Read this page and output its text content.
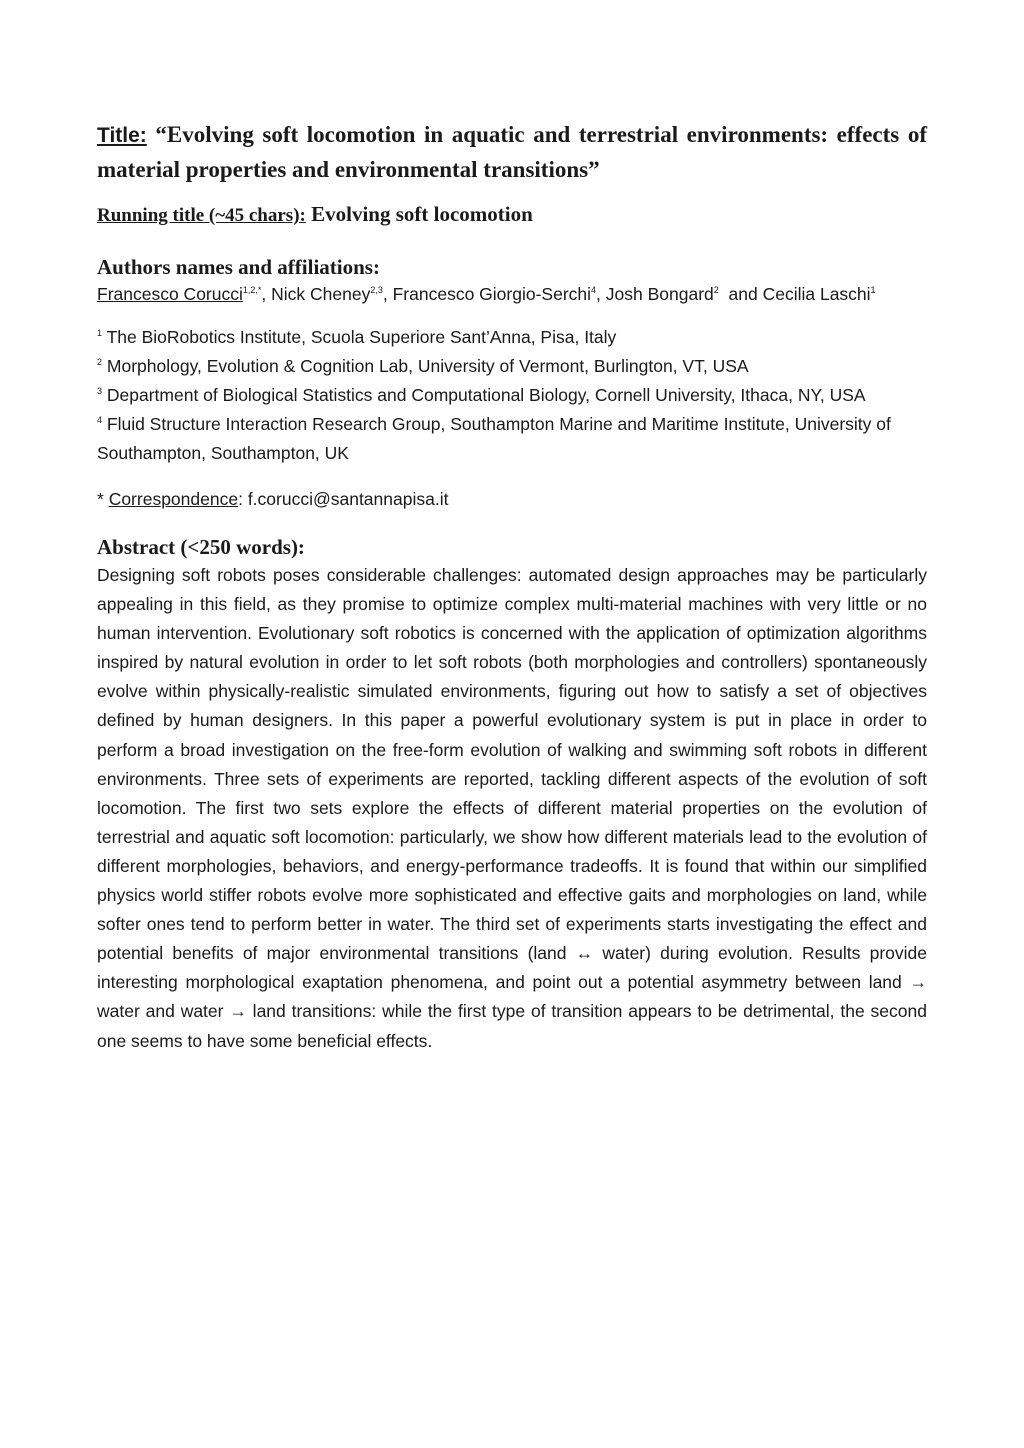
Title: “Evolving soft locomotion in aquatic and terrestrial environments: effects of material properties and environmental transitions”
Running title (~45 chars): Evolving soft locomotion
Authors names and affiliations:
Francesco Corucci$^{1,2,*}$, Nick Cheney$^{2,3}$, Francesco Giorgio-Serchi$^4$, Josh Bongard$^2$  and Cecilia Laschi$^1$
$^1$ The BioRobotics Institute, Scuola Superiore Sant’Anna, Pisa, Italy
$^2$ Morphology, Evolution & Cognition Lab, University of Vermont, Burlington, VT, USA
$^3$ Department of Biological Statistics and Computational Biology, Cornell University, Ithaca, NY, USA
$^4$ Fluid Structure Interaction Research Group, Southampton Marine and Maritime Institute, University of Southampton, Southampton, UK
* Correspondence: f.corucci@santannapisa.it
Abstract (<250 words):
Designing soft robots poses considerable challenges: automated design approaches may be particularly appealing in this field, as they promise to optimize complex multi-material machines with very little or no human intervention. Evolutionary soft robotics is concerned with the application of optimization algorithms inspired by natural evolution in order to let soft robots (both morphologies and controllers) spontaneously evolve within physically-realistic simulated environments, figuring out how to satisfy a set of objectives defined by human designers. In this paper a powerful evolutionary system is put in place in order to perform a broad investigation on the free-form evolution of walking and swimming soft robots in different environments. Three sets of experiments are reported, tackling different aspects of the evolution of soft locomotion. The first two sets explore the effects of different material properties on the evolution of terrestrial and aquatic soft locomotion: particularly, we show how different materials lead to the evolution of different morphologies, behaviors, and energy-performance tradeoffs. It is found that within our simplified physics world stiffer robots evolve more sophisticated and effective gaits and morphologies on land, while softer ones tend to perform better in water. The third set of experiments starts investigating the effect and potential benefits of major environmental transitions (land ↔ water) during evolution. Results provide interesting morphological exaptation phenomena, and point out a potential asymmetry between land → water and water → land transitions: while the first type of transition appears to be detrimental, the second one seems to have some beneficial effects.
